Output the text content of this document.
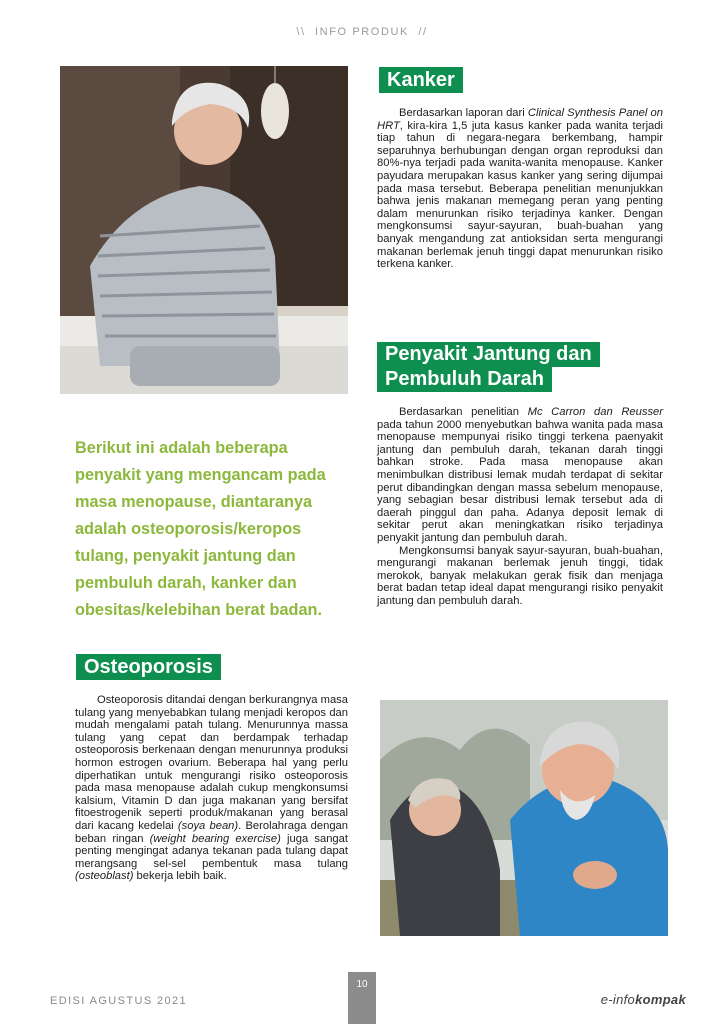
\\ INFO PRODUK //
Kanker

Berdasarkan laporan dari Clinical Synthesis Panel on HRT, kira-kira 1,5 juta kasus kanker pada wanita terjadi tiap tahun di negara-negara berkembang, hampir separuhnya berhubungan dengan organ reproduksi dan 80%-nya terjadi pada wanita-wanita menopause. Kanker payudara merupakan kasus kanker yang sering dijumpai pada masa tersebut. Beberapa penelitian menunjukkan bahwa jenis makanan memegang peran yang penting dalam menurunkan risiko terjadinya kanker. Dengan mengkonsumsi sayur-sayuran, buah-buahan yang banyak mengandung zat antioksidan serta mengurangi makanan berlemak jenuh tinggi dapat menurunkan risiko terkena kanker.

Penyakit Jantung dan
Pembuluh Darah

Berdasarkan penelitian Mc Carron dan Reusser pada tahun 2000 menyebutkan bahwa wanita pada masa menopause mempunyai risiko tinggi terkena paenyakit jantung dan pembuluh darah, tekanan darah tinggi bahkan stroke. Pada masa menopause akan menimbulkan distribusi lemak mudah terdapat di sekitar perut dibandingkan dengan massa sebelum menopause, yang sebagian besar distribusi lemak tersebut ada di daerah pinggul dan paha. Adanya deposit lemak di sekitar perut akan meningkatkan risiko terjadinya penyakit jantung dan pembuluh darah.

Mengkonsumsi banyak sayur-sayuran, buah-buahan, mengurangi makanan berlemak jenuh tinggi, tidak merokok, banyak melakukan gerak fisik dan menjaga berat badan tetap ideal dapat mengurangi risiko penyakit jantung dan pembuluh darah.

Berikut ini adalah beberapa penyakit yang mengancam pada masa menopause, diantaranya adalah osteoporosis/keropos tulang, penyakit jantung dan pembuluh darah, kanker dan obesitas/kelebihan berat badan.
Osteoporosis

Osteoporosis ditandai dengan berkurangnya masa tulang yang menyebabkan tulang menjadi keropos dan mudah mengalami patah tulang. Menurunnya massa tulang yang cepat dan berdampak terhadap osteoporosis berkenaan dengan menurunnya produksi hormon estrogen ovarium. Beberapa hal yang perlu diperhatikan untuk mengurangi risiko osteoporosis pada masa menopause adalah cukup mengkonsumsi kalsium, Vitamin D dan juga makanan yang bersifat fitoestrogenik seperti produk/makanan yang berasal dari kacang kedelai (soya bean). Berolahraga dengan beban ringan (weight bearing exercise) juga sangat penting mengingat adanya tekanan pada tulang dapat merangsang sel-sel pembentuk masa tulang (osteoblast) bekerja lebih baik.

EDISI AGUSTUS 2021
10
e-infokompak
